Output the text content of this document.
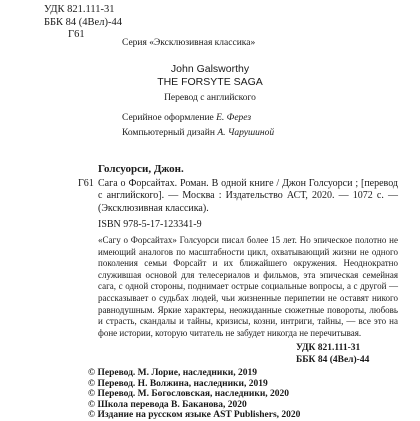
УДК 821.111-31
ББК 84 (4Вел)-44
Г61
Серия «Эксклюзивная классика»
John Galsworthy
THE FORSYTE SAGA
Перевод с английского
Серийное оформление Е. Ферез
Компьютерный дизайн А. Чарушиной
Голсуорси, Джон.
Г61 Сага о Форсайтах. Роман. В одной книге / Джон Голсуорси ; [перевод с английского]. — Москва : Издательство АСТ, 2020. — 1072 с. — (Эксклюзивная классика).

ISBN 978-5-17-123341-9

«Сагу о Форсайтах» Голсуорси писал более 15 лет. Но эпическое полотно не имеющий аналогов по масштабности цикл, охватывающий жизни не одного поколения семьи Форсайт и их ближайшего окружения. Неоднократно служившая основой для телесериалов и фильмов, эта эпическая семейная сага, с одной стороны, поднимает острые социальные вопросы, а с другой — рассказывает о судьбах людей, чьи жизненные перипетии не оставят никого равнодушным. Яркие характеры, неожиданные сюжетные повороты, любовь и страсть, скандалы и тайны, кризисы, козни, интриги, тайны, — все это на фоне истории, которую читатель не забудет никогда не перечитывая.

УДК 821.111-31
ББК 84 (4Вел)-44
© Перевод. М. Лорие, наследники, 2019
© Перевод. Н. Волжина, наследники, 2019
© Перевод. М. Богословская, наследники, 2020
© Школа перевода В. Баканова, 2020
© Издание на русском языке AST Publishers, 2020
